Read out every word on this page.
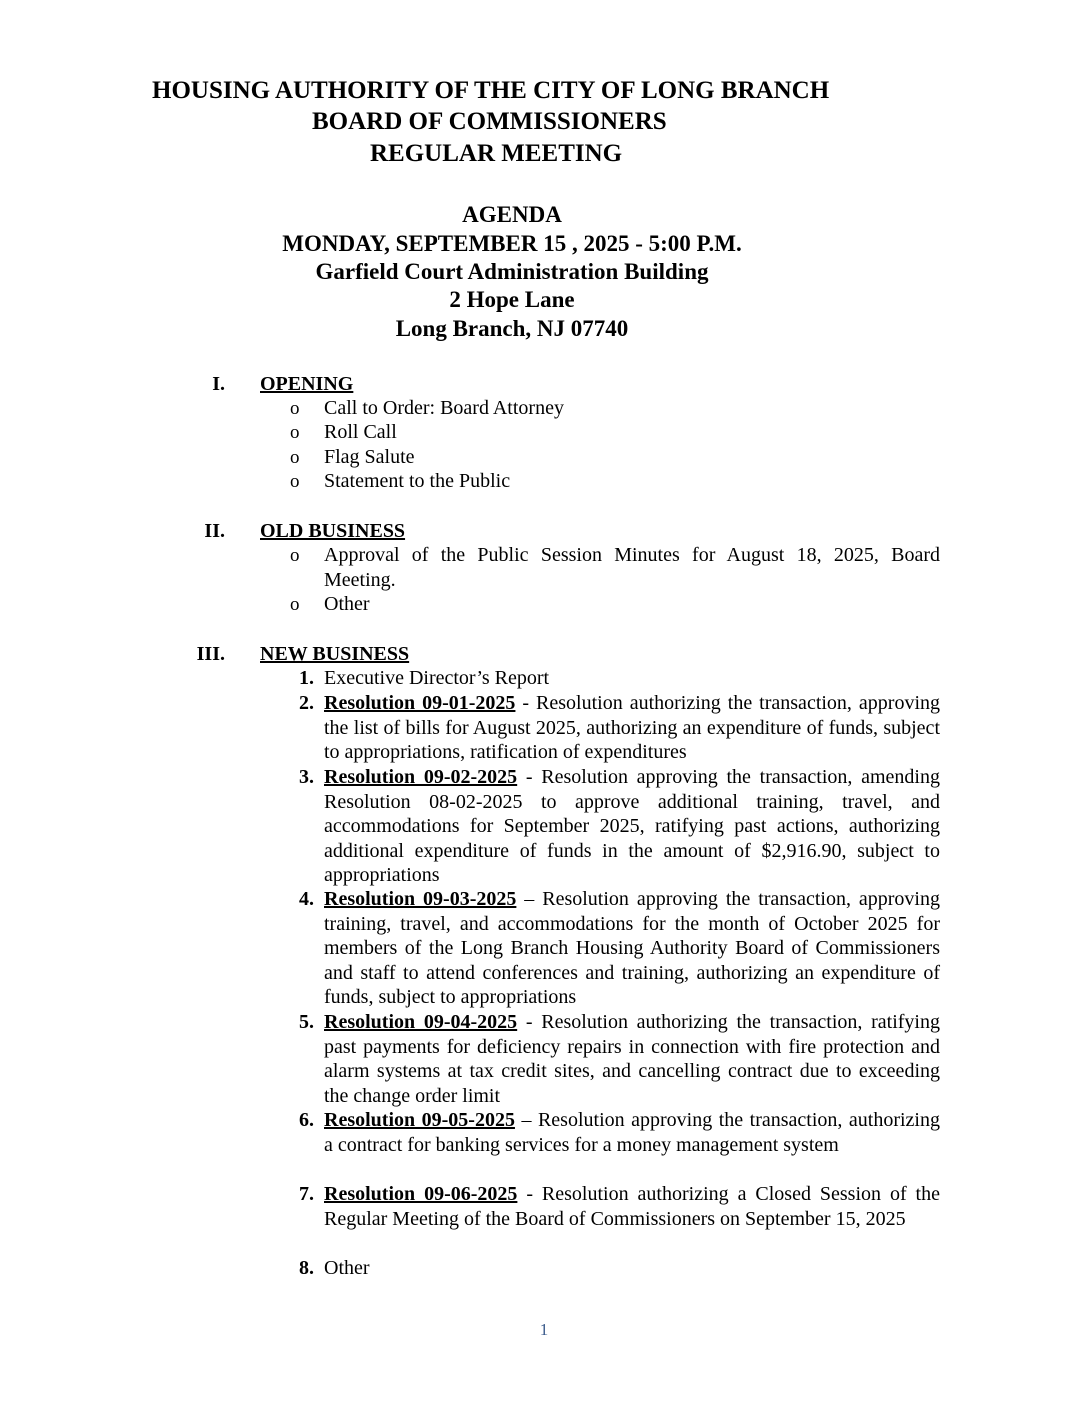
HOUSING AUTHORITY OF THE CITY OF LONG BRANCH
BOARD OF COMMISSIONERS
REGULAR MEETING
AGENDA
MONDAY, SEPTEMBER 15 , 2025 - 5:00 P.M.
Garfield Court Administration Building
2 Hope Lane
Long Branch, NJ 07740
I. OPENING
o Call to Order: Board Attorney
o Roll Call
o Flag Salute
o Statement to the Public
II. OLD BUSINESS
o Approval of the Public Session Minutes for August 18, 2025, Board Meeting.
o Other
III. NEW BUSINESS
1. Executive Director’s Report
2. Resolution 09-01-2025 - Resolution authorizing the transaction, approving the list of bills for August 2025, authorizing an expenditure of funds, subject to appropriations, ratification of expenditures
3. Resolution 09-02-2025 - Resolution approving the transaction, amending Resolution 08-02-2025 to approve additional training, travel, and accommodations for September 2025, ratifying past actions, authorizing additional expenditure of funds in the amount of $2,916.90, subject to appropriations
4. Resolution 09-03-2025 – Resolution approving the transaction, approving training, travel, and accommodations for the month of October 2025 for members of the Long Branch Housing Authority Board of Commissioners and staff to attend conferences and training, authorizing an expenditure of funds, subject to appropriations
5. Resolution 09-04-2025 - Resolution authorizing the transaction, ratifying past payments for deficiency repairs in connection with fire protection and alarm systems at tax credit sites, and cancelling contract due to exceeding the change order limit
6. Resolution 09-05-2025 – Resolution approving the transaction, authorizing a contract for banking services for a money management system
7. Resolution 09-06-2025 - Resolution authorizing a Closed Session of the Regular Meeting of the Board of Commissioners on September 15, 2025
8. Other
1
